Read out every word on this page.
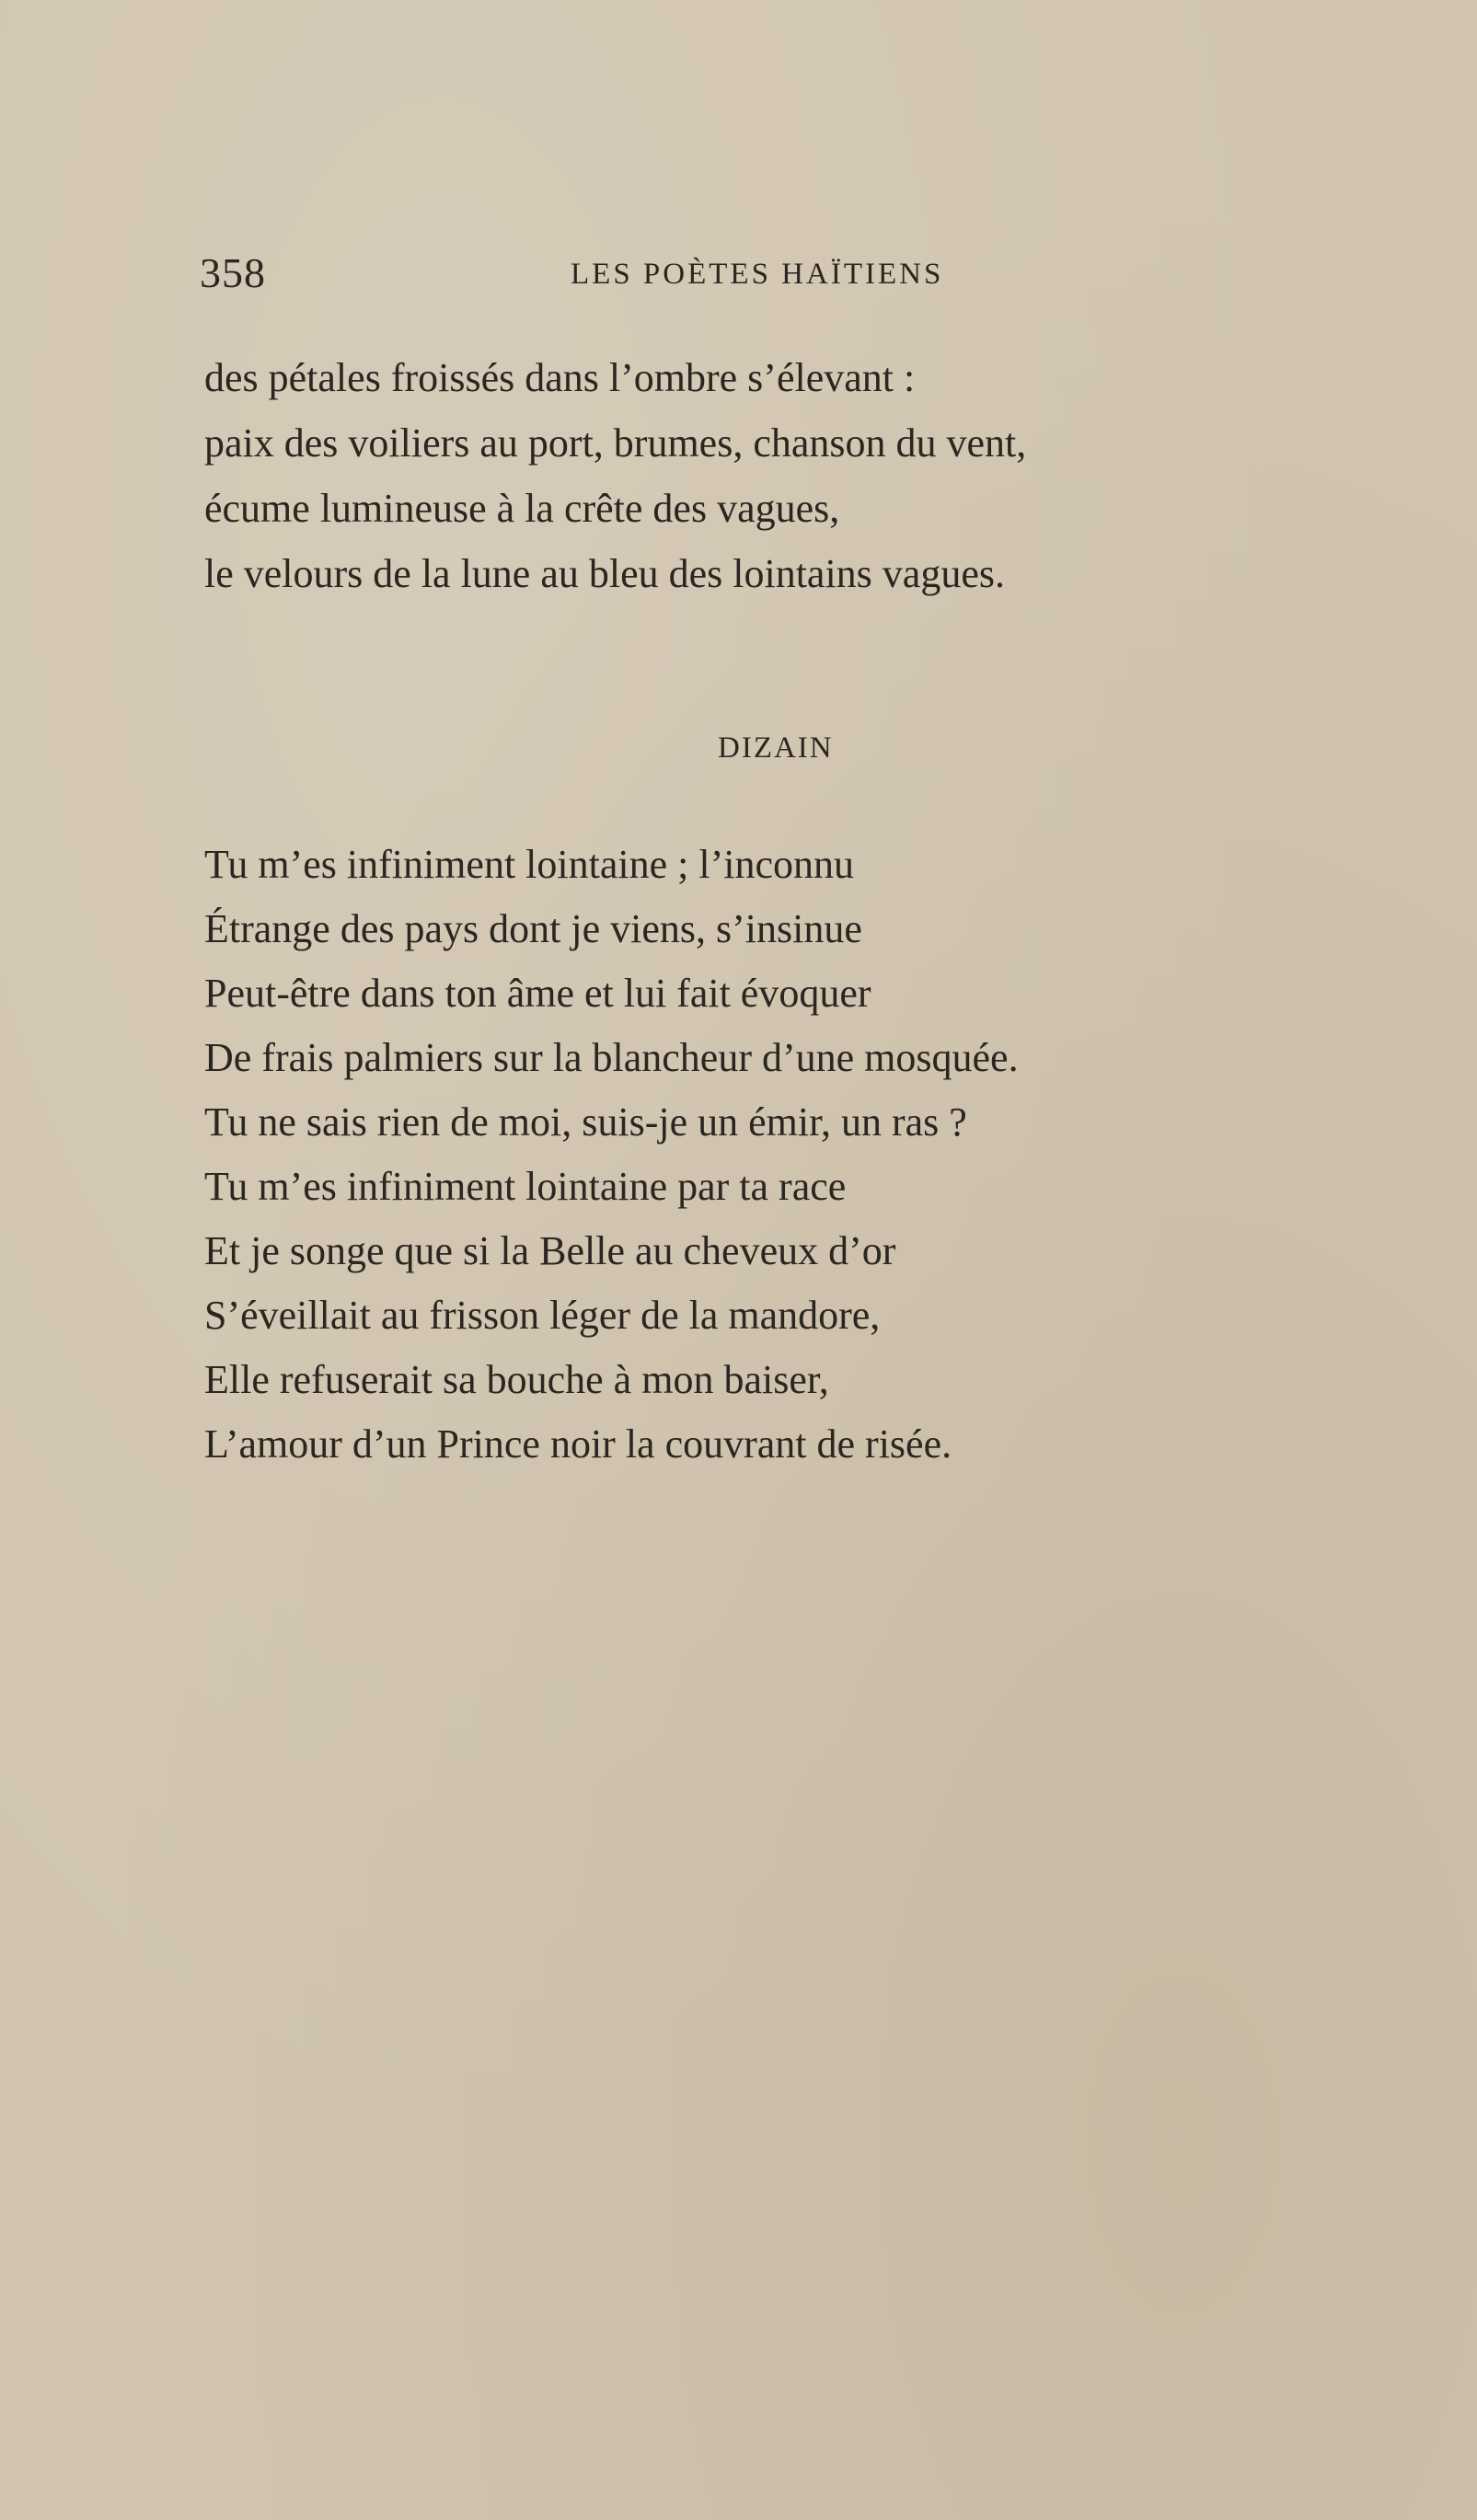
358	LES POÈTES HAÏTIENS
des pétales froissés dans l’ombre s’élevant :
paix des voiliers au port, brumes, chanson du vent,
écume lumineuse à la crête des vagues,
le velours de la lune au bleu des lointains vagues.
DIZAIN
Tu m’es infiniment lointaine ; l’inconnu
Étrange des pays dont je viens, s’insinue
Peut-être dans ton âme et lui fait évoquer
De frais palmiers sur la blancheur d’une mosquée.
Tu ne sais rien de moi, suis-je un émir, un ras ?
Tu m’es infiniment lointaine par ta race
Et je songe que si la Belle au cheveux d’or
S’éveillait au frisson léger de la mandore,
Elle refuserait sa bouche à mon baiser,
L’amour d’un Prince noir la couvrant de risée.
